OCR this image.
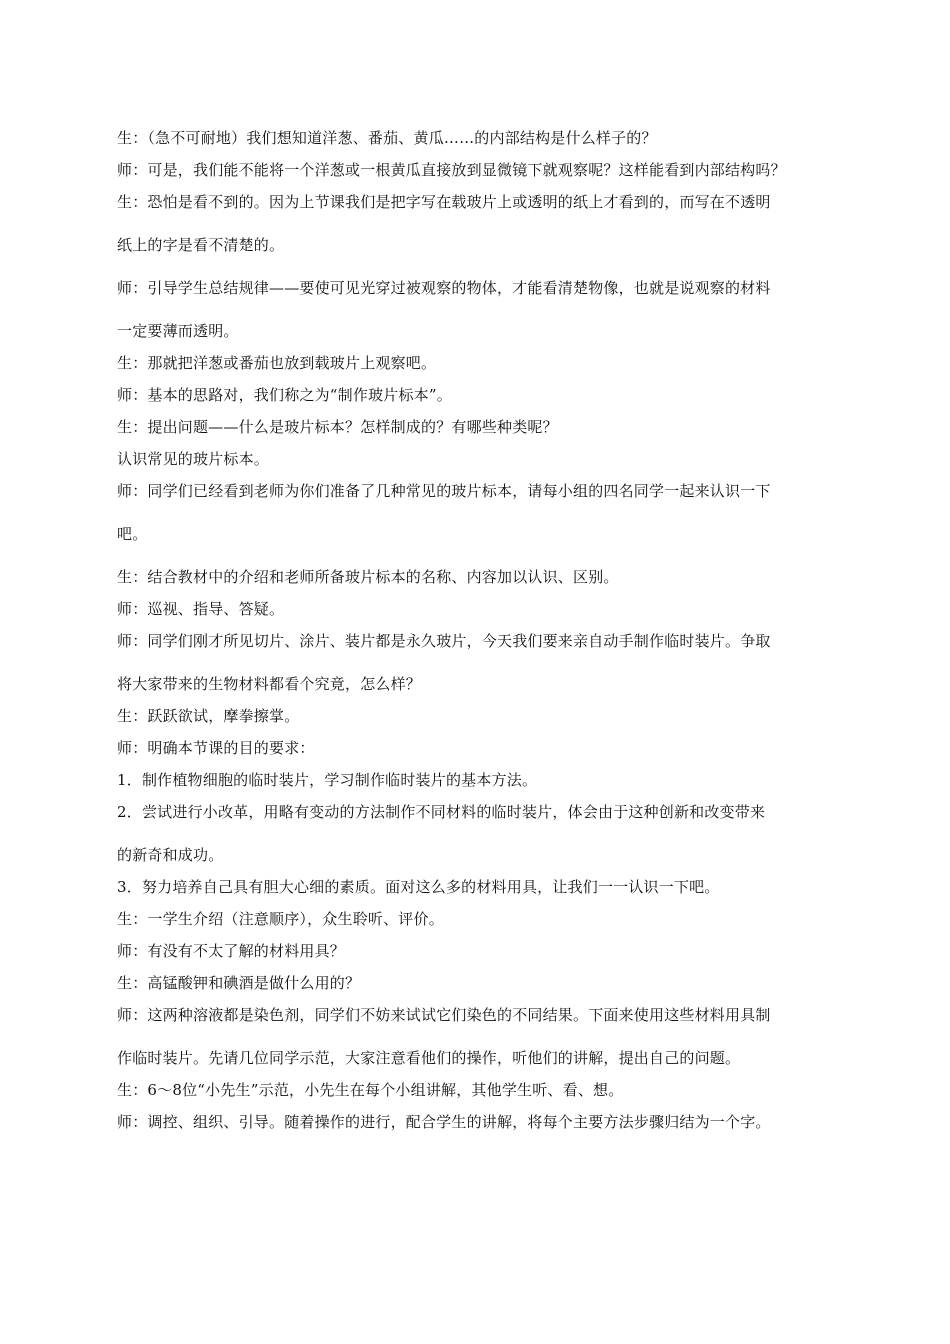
生：（急不可耐地）我们想知道洋葱、番茄、黄瓜……的内部结构是什么样子的？
师：可是，我们能不能将一个洋葱或一根黄瓜直接放到显微镜下就观察呢？这样能看到内部结构吗？
生：恐怕是看不到的。因为上节课我们是把字写在载玻片上或透明的纸上才看到的，而写在不透明
纸上的字是看不清楚的。
师：引导学生总结规律——要使可见光穿过被观察的物体，才能看清楚物像，也就是说观察的材料
一定要薄而透明。
生：那就把洋葱或番茄也放到载玻片上观察吧。
师：基本的思路对，我们称之为“制作玻片标本”。
生：提出问题——什么是玻片标本？怎样制成的？有哪些种类呢？
认识常见的玻片标本。
师：同学们已经看到老师为你们准备了几种常见的玻片标本，请每小组的四名同学一起来认识一下
吧。
生：结合教材中的介绍和老师所备玻片标本的名称、内容加以认识、区别。
师：巡视、指导、答疑。
师：同学们刚才所见切片、涂片、装片都是永久玻片，今天我们要来亲自动手制作临时装片。争取
将大家带来的生物材料都看个究竟，怎么样？
生：跃跃欲试，摩拳擦掌。
师：明确本节课的目的要求：
1．制作植物细胞的临时装片，学习制作临时装片的基本方法。
2．尝试进行小改革，用略有变动的方法制作不同材料的临时装片，体会由于这种创新和改变带来
的新奇和成功。
3．努力培养自己具有胆大心细的素质。面对这么多的材料用具，让我们一一认识一下吧。
生：一学生介绍（注意顺序），众生聆听、评价。
师：有没有不太了解的材料用具？
生：高锰酸钾和碘酒是做什么用的？
师：这两种溶液都是染色剂，同学们不妨来试试它们染色的不同结果。下面来使用这些材料用具制
作临时装片。先请几位同学示范，大家注意看他们的操作，听他们的讲解，提出自己的问题。
生：6～8位“小先生”示范，小先生在每个小组讲解，其他学生听、看、想。
师：调控、组织、引导。随着操作的进行，配合学生的讲解，将每个主要方法步骤归结为一个字。
